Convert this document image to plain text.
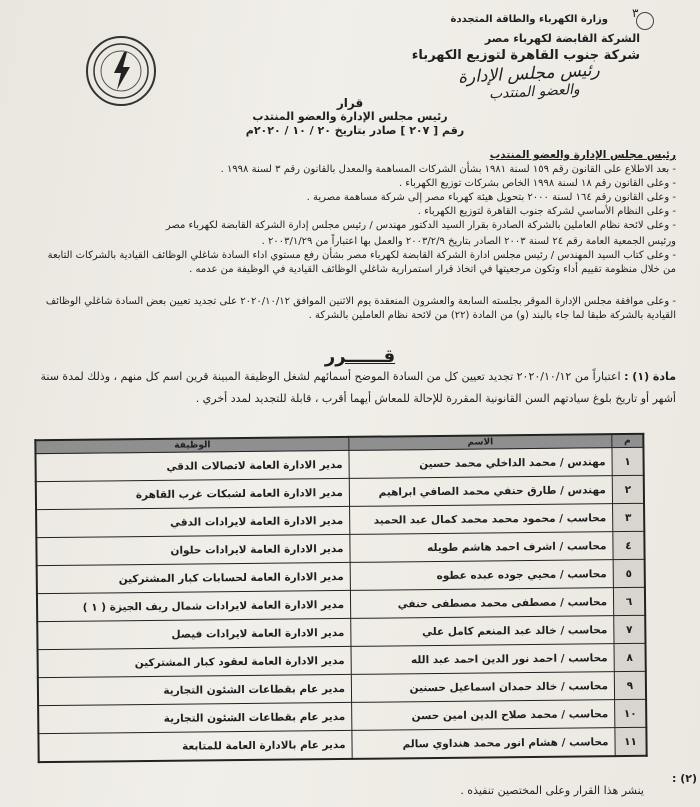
٣
وزارة الكهرباء والطاقة المتجددة
الشركة القابضة لكهرباء مصر
شركة جنوب القاهرة لتوزيع الكهرباء
رئيس مجلس الإدارة
والعضو المنتدب
قرار
رئيس مجلس الإدارة والعضو المنتدب
رقم [ ٢٠٧ ] صادر بتاريخ ٢٠ / ١٠ / ٢٠٢٠م
رئيس مجلس الإدارة والعضو المنتدب
- بعد الاطلاع على القانون رقم ١٥٩ لسنة ١٩٨١ بشأن الشركات المساهمة والمعدل بالقانون رقم ٣ لسنة ١٩٩٨ .
- وعلى القانون رقم ١٨ لسنة ١٩٩٨ الخاص بشركات توزيع الكهرباء .
- وعلى القانون رقم ١٦٤ لسنة ٢٠٠٠ بتحويل هيئة كهرباء مصر إلى شركة مساهمة مصرية .
- وعلى النظام الأساسي لشركة جنوب القاهرة لتوزيع الكهرباء .
- وعلى لائحة نظام العاملين بالشركة الصادرة بقرار السيد الدكتور مهندس / رئيس مجلس إدارة الشركة القابضة لكهرباء مصر
ورئيس الجمعية العامة رقم ٢٤ لسنة ٢٠٠٣ الصادر بتاريخ ٢٠٠٣/٢/٩ والعمل بها اعتباراً من ٢٠٠٣/١/٢٩ .
- وعلى كتاب السيد المهندس / رئيس مجلس ادارة الشركة القابضة لكهرباء مصر بشأن رفع مستوي اداء السادة شاغلي الوظائف القيادية بالشركات التابعة من خلال منظومة تقييم أداء وتكون مرجعيتها في اتخاذ قرار استمرارية شاغلي الوظائف القيادية في الوظيفة من عدمه .
- وعلى موافقة مجلس الإدارة الموقر بجلسته السابعة والعشرون المنعقدة يوم الاثنين الموافق ٢٠٢٠/١٠/١٢ على تجديد تعيين بعض السادة شاغلي الوظائف القيادية بالشركة طبقا لما جاء بالبند (و) من المادة (٢٢) من لائحة نظام العاملين بالشركة .
قــــــرر
مادة (١) : اعتباراً من ٢٠٢٠/١٠/١٢ تجديد تعيين كل من السادة الموضح أسمائهم لشغل الوظيفة المبينة قرين اسم كل منهم ، وذلك لمدة سنة أشهر أو تاريخ بلوغ سيادتهم السن القانونية المقررة للإحالة للمعاش أيهما أقرب ، قابلة للتجديد لمدد أخري .
م	الاسم	الوظيفة
١	مهندس / محمد الداخلي محمد حسين	مدير الادارة العامة لاتصالات الدقي
٢	مهندس / طارق حنفي محمد الصافي ابراهيم	مدير الادارة العامة لشبكات غرب القاهرة
٣	محاسب / محمود محمد محمد كمال عبد الحميد	مدير الادارة العامة لايرادات الدقي
٤	محاسب / اشرف احمد هاشم طويله	مدير الادارة العامة لايرادات حلوان
٥	محاسب / محيي جوده عبده عطوه	مدير الادارة العامة لحسابات كبار المشتركين
٦	محاسب / مصطفى محمد مصطفى حنفي	مدير الادارة العامة لايرادات شمال ريف الجيزة ( ١ )
٧	محاسب / خالد عبد المنعم كامل علي	مدير الادارة العامة لايرادات فيصل
٨	محاسب / احمد نور الدين احمد عبد الله	مدير الادارة العامة لعقود كبار المشتركين
٩	محاسب / خالد حمدان اسماعيل حسنين	مدير عام بقطاعات الشئون التجارية
١٠	محاسب / محمد صلاح الدين امين حسن	مدير عام بقطاعات الشئون التجارية
١١	محاسب / هشام انور محمد هنداوي سالم	مدير عام بالادارة العامة للمتابعة
(٢) :
ينشر هذا القرار وعلى المختصين تنفيذه .
